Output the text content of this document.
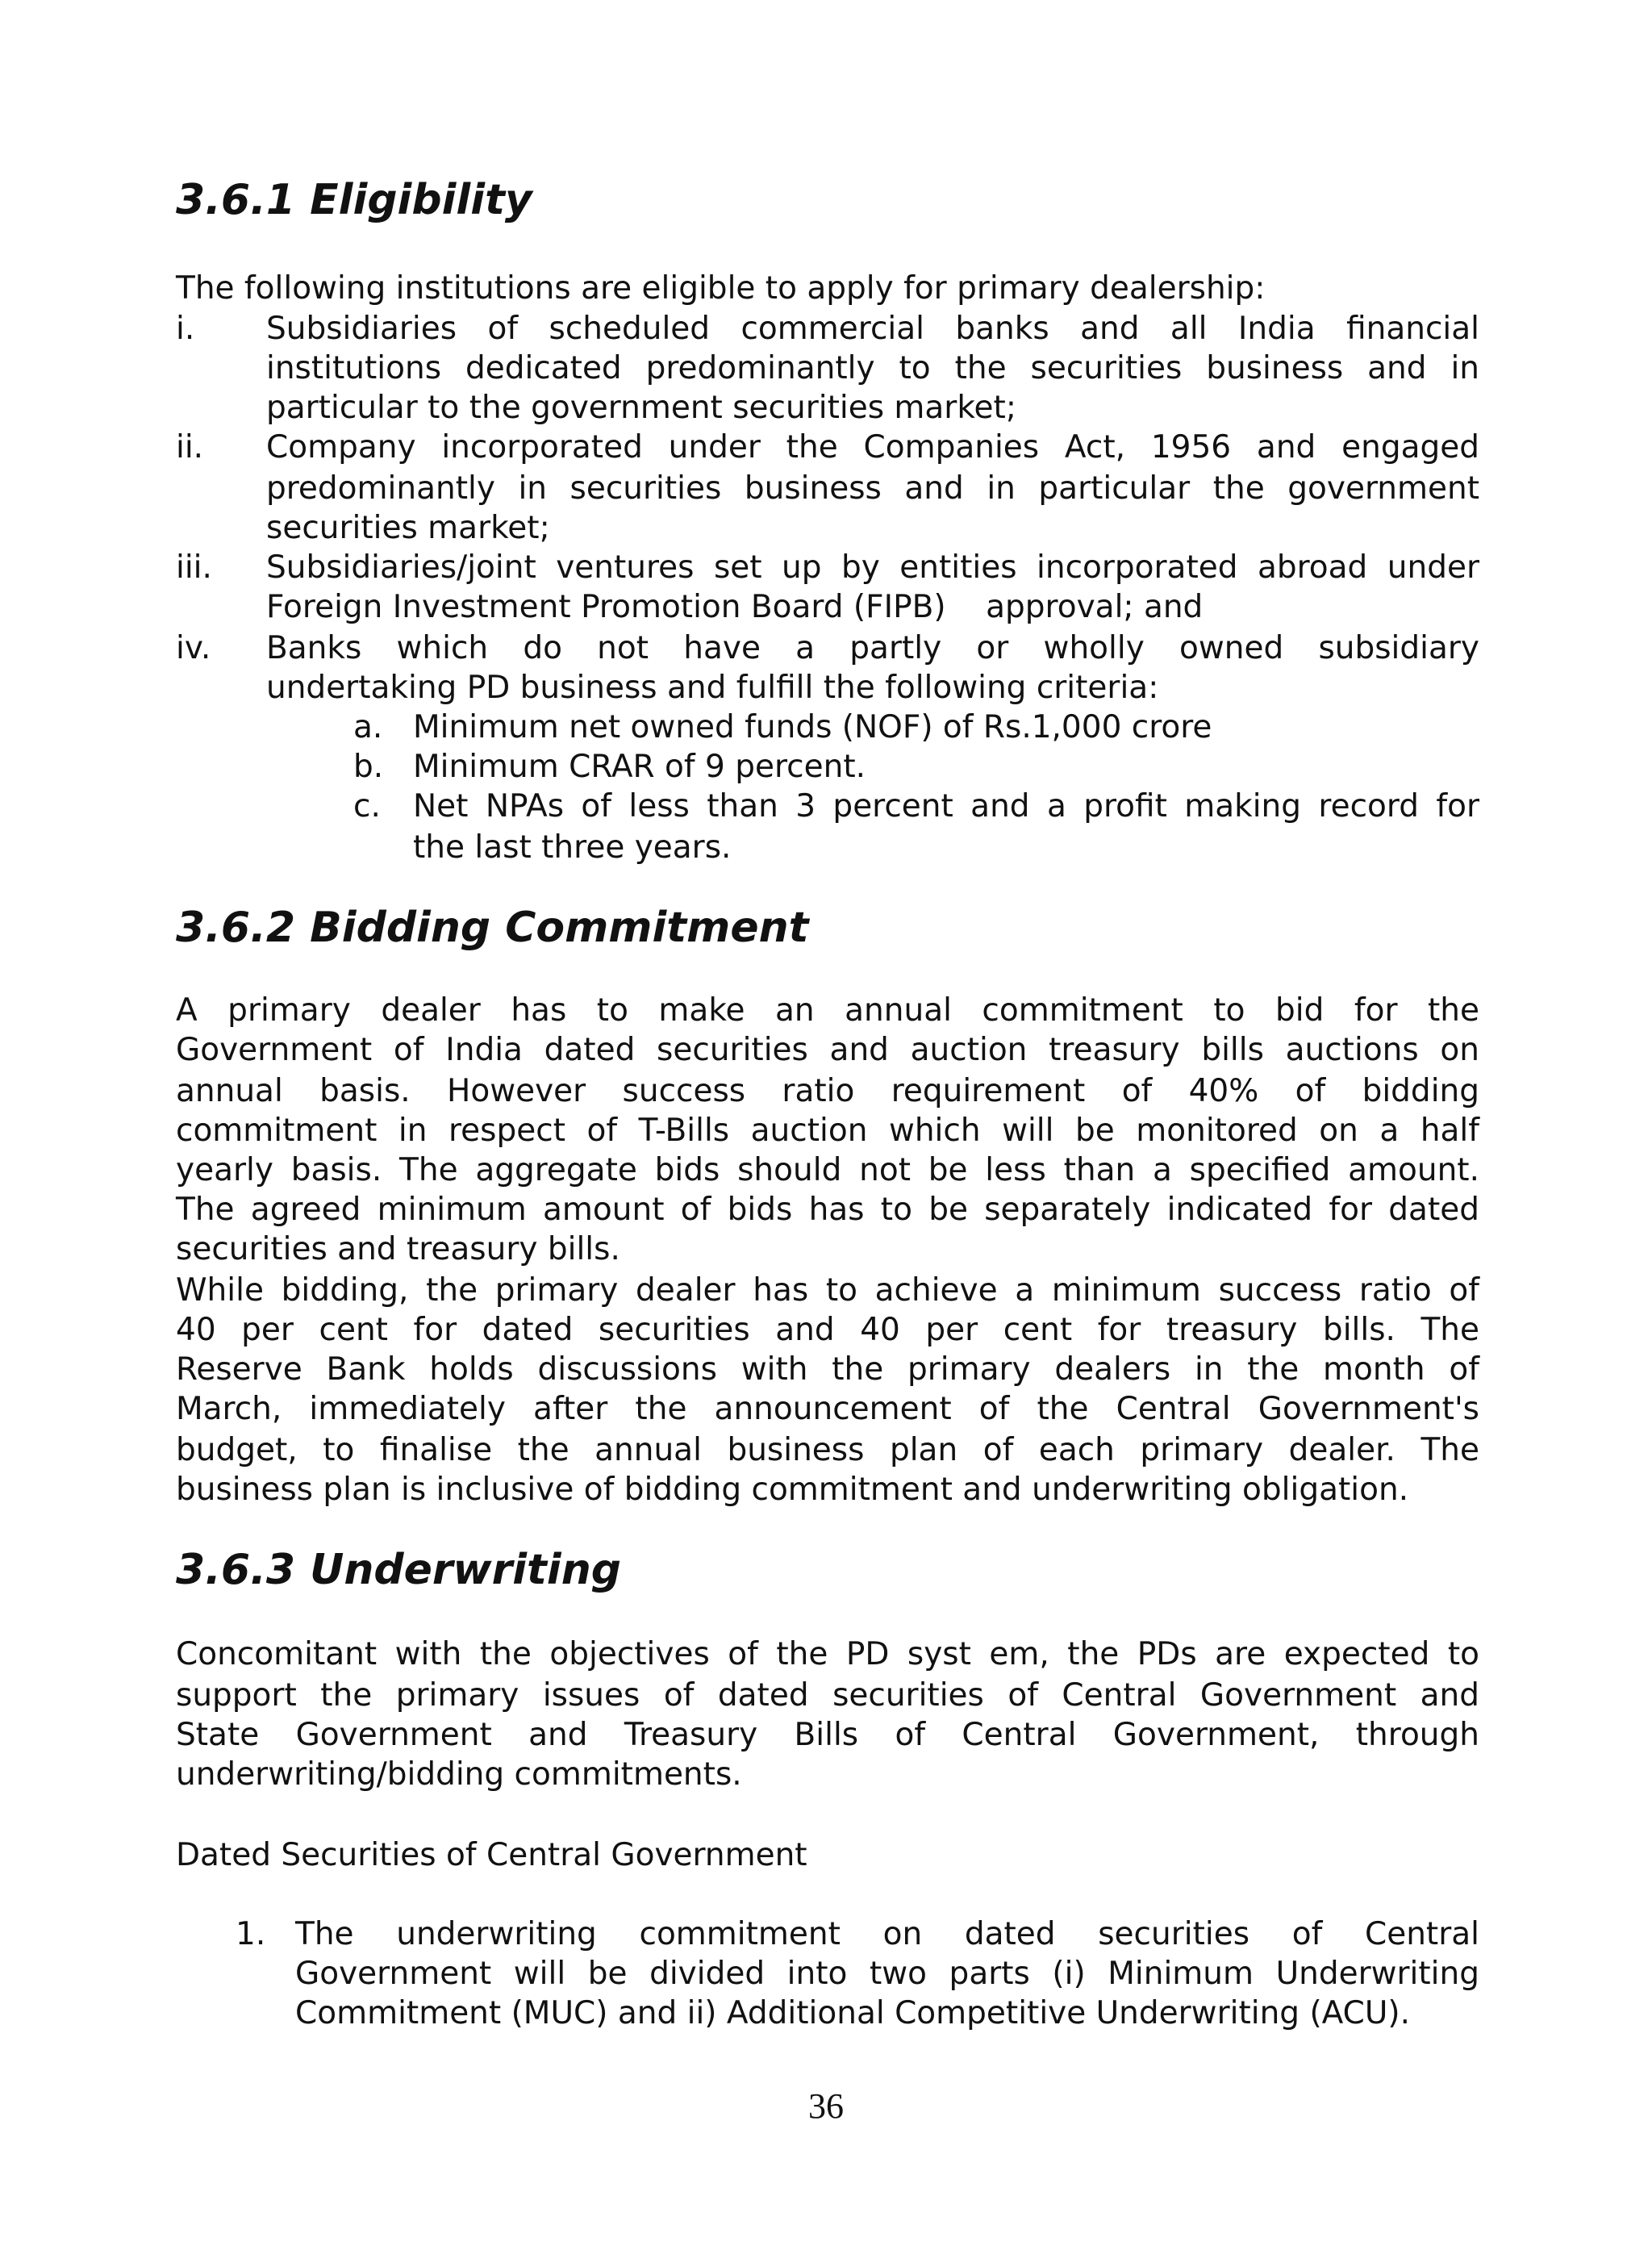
3.6.1 Eligibility

The following institutions are eligible to apply for primary dealership:

i. Subsidiaries of scheduled commercial banks and all India financial

institutions dedicated predominantly to the securities business and in

particular to the government securities market;

ii. Company incorporated under the Companies Act, 1956 and engaged

predominantly in securities business and in particular the government

securities market;

iii. Subsidiaries/joint ventures set up by entities incorporated abroad under

Foreign Investment Promotion Board (FIPB)    approval; and

iv. Banks which do not have a partly or wholly owned subsidiary

undertaking PD business and fulfill the following criteria:

a. Minimum net owned funds (NOF) of Rs.1,000 crore

b. Minimum CRAR of 9 percent.

c. Net NPAs of less than 3 percent and a profit making record for

the last three years.

3.6.2 Bidding Commitment

A primary dealer has to make an annual commitment to bid for the

Government of India dated securities and auction treasury bills auctions on

annual basis. However success ratio requirement of 40% of bidding

commitment in respect of T-Bills auction which will be monitored on a half

yearly basis. The aggregate bids should not be less than a specified amount.

The agreed minimum amount of bids has to be separately indicated for dated

securities and treasury bills.

While bidding, the primary dealer has to achieve a minimum success ratio of

40 per cent for dated securities and 40 per cent for treasury bills. The

Reserve Bank holds discussions with the primary dealers in the month of

March, immediately after the announcement of the Central Government's

budget, to finalise the annual business plan of each primary dealer. The

business plan is inclusive of bidding commitment and underwriting obligation.

3.6.3 Underwriting

Concomitant with the objectives of the PD syst em, the PDs are expected to

support the primary issues of dated securities of Central Government and

State Government and Treasury Bills of Central Government, through

underwriting/bidding commitments.

Dated Securities of Central Government

1. The underwriting commitment on dated securities of Central

Government will be divided into two parts (i) Minimum Underwriting

Commitment (MUC) and ii) Additional Competitive Underwriting (ACU).

36
